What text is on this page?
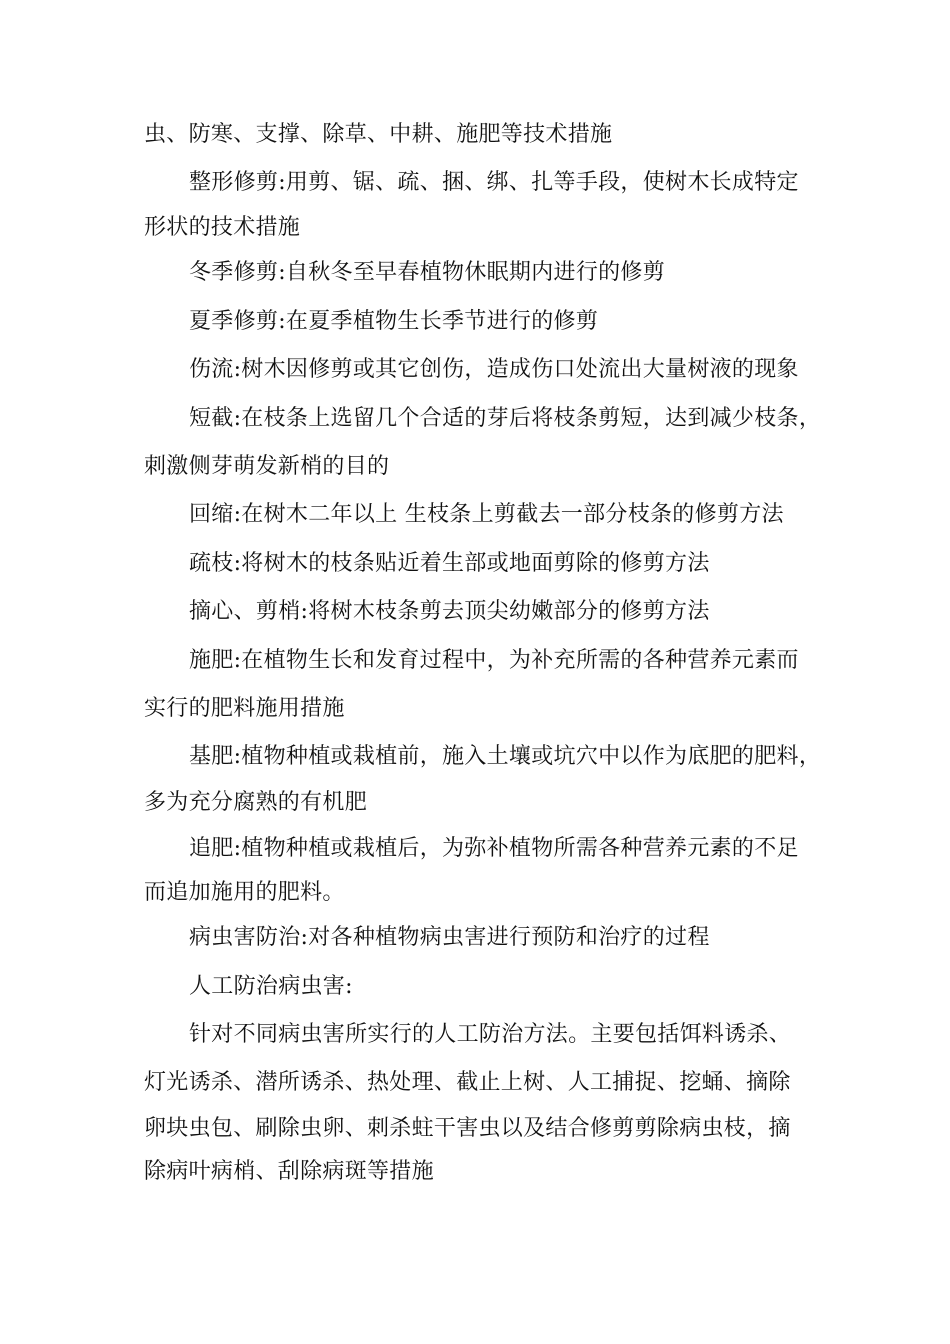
虫、防寒、支撑、除草、中耕、施肥等技术措施
整形修剪:用剪、锯、疏、捆、绑、扎等手段，使树木长成特定
形状的技术措施
冬季修剪:自秋冬至早春植物休眠期内进行的修剪
夏季修剪:在夏季植物生长季节进行的修剪
伤流:树木因修剪或其它创伤，造成伤口处流出大量树液的现象
短截:在枝条上选留几个合适的芽后将枝条剪短，达到减少枝条，
刺激侧芽萌发新梢的目的
回缩:在树木二年以上 生枝条上剪截去一部分枝条的修剪方法
疏枝:将树木的枝条贴近着生部或地面剪除的修剪方法
摘心、剪梢:将树木枝条剪去顶尖幼嫩部分的修剪方法
施肥:在植物生长和发育过程中，为补充所需的各种营养元素而
实行的肥料施用措施
基肥:植物种植或栽植前，施入土壤或坑穴中以作为底肥的肥料，
多为充分腐熟的有机肥
追肥:植物种植或栽植后，为弥补植物所需各种营养元素的不足
而追加施用的肥料。
病虫害防治:对各种植物病虫害进行预防和治疗的过程
人工防治病虫害:
针对不同病虫害所实行的人工防治方法。主要包括饵料诱杀、
灯光诱杀、潜所诱杀、热处理、截止上树、人工捕捉、挖蛹、摘除
卵块虫包、刷除虫卵、刺杀蛀干害虫以及结合修剪剪除病虫枝，摘
除病叶病梢、刮除病斑等措施
